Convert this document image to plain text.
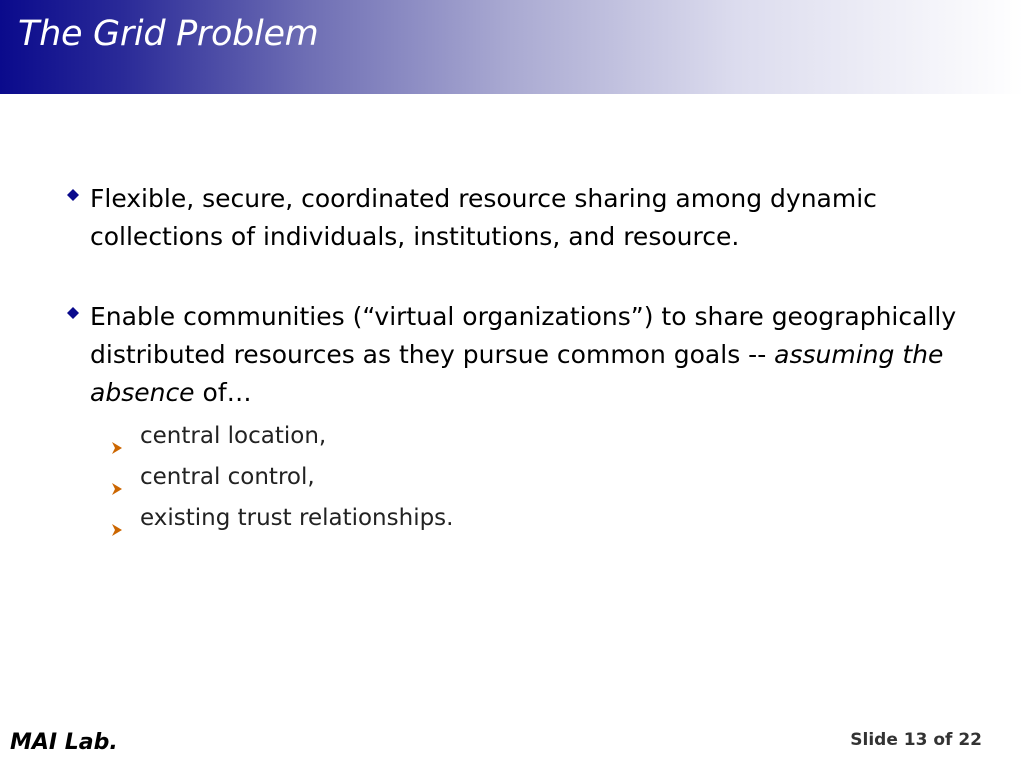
The Grid Problem
Flexible, secure, coordinated resource sharing among dynamic collections of individuals, institutions, and resource.
Enable communities (“virtual organizations”) to share geographically distributed resources as they pursue common goals -- assuming the absence of…
central location,
central control,
existing trust relationships.
MAI Lab.	Slide 13 of 22
